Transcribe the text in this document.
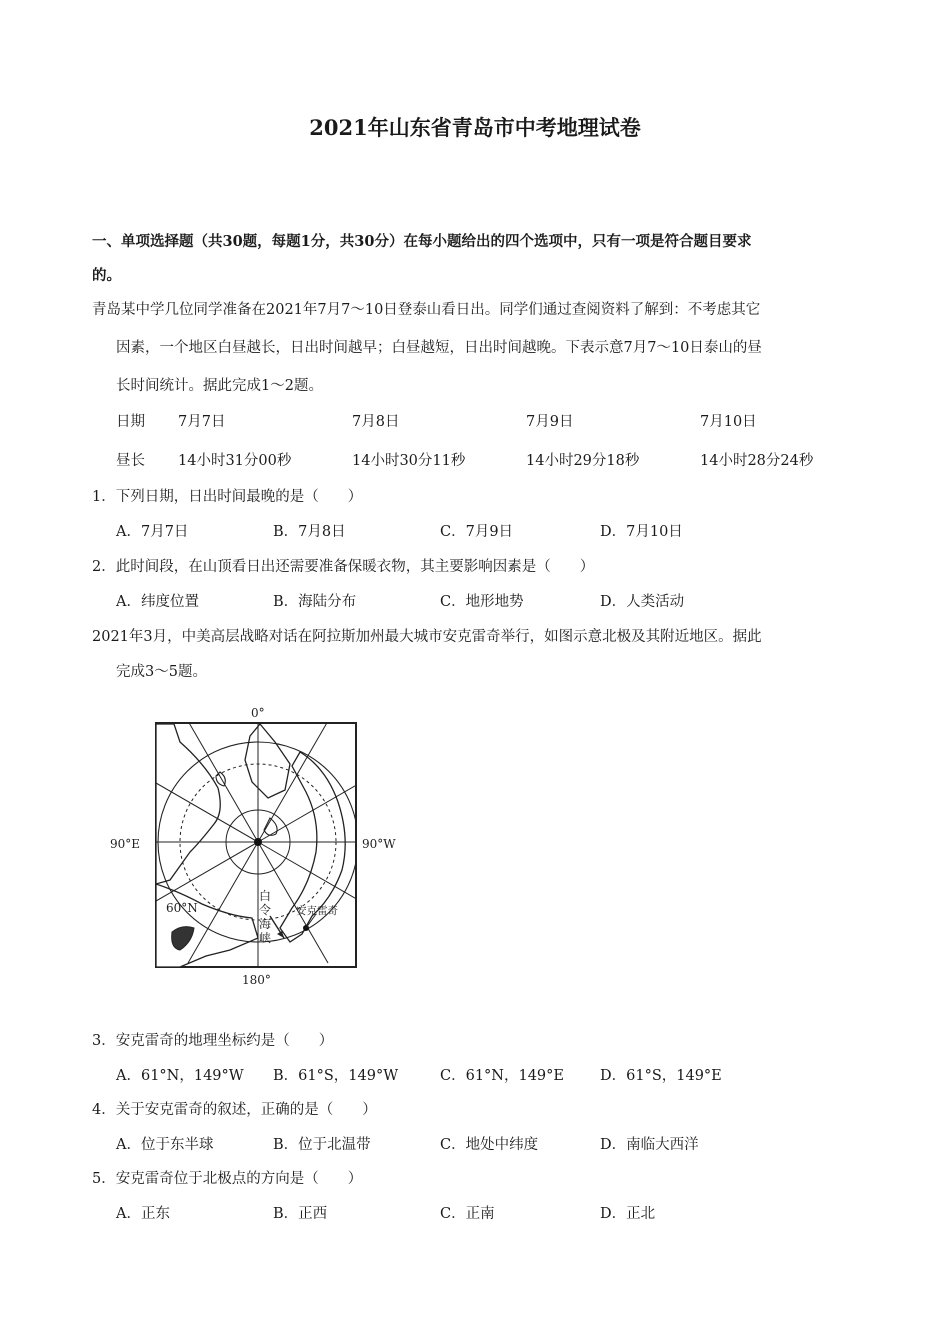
2021年山东省青岛市中考地理试卷
一、单项选择题（共30题，每题1分，共30分）在每小题给出的四个选项中，只有一项是符合题目要求
的。
青岛某中学几位同学准备在2021年7月7～10日登泰山看日出。同学们通过查阅资料了解到：不考虑其它
因素，一个地区白昼越长，日出时间越早；白昼越短，日出时间越晚。下表示意7月7～10日泰山的昼
长时间统计。据此完成1～2题。
日期 7月7日	7月8日	7月9日	7月10日
昼长 14小时31分00秒	14小时30分11秒	14小时29分18秒	14小时28分24秒
1．下列日期，日出时间最晚的是（　　）
A．7月7日	B．7月8日	C．7月9日	D．7月10日
2．此时间段，在山顶看日出还需要准备保暖衣物，其主要影响因素是（　　）
A．纬度位置	B．海陆分布	C．地形地势	D．人类活动
2021年3月，中美高层战略对话在阿拉斯加州最大城市安克雷奇举行，如图示意北极及其附近地区。据此
完成3～5题。
0°
90°E	90°W
180°
60°N	安克雷奇
白
令
海
峡
3．安克雷奇的地理坐标约是（　　）
A．61°N，149°W B．61°S，149°W	C．61°N，149°E D．61°S，149°E
4．关于安克雷奇的叙述，正确的是（　　）
A．位于东半球	B．位于北温带	C．地处中纬度	D．南临大西洋
5．安克雷奇位于北极点的方向是（　　）
A．正东	B．正西	C．正南	D．正北
